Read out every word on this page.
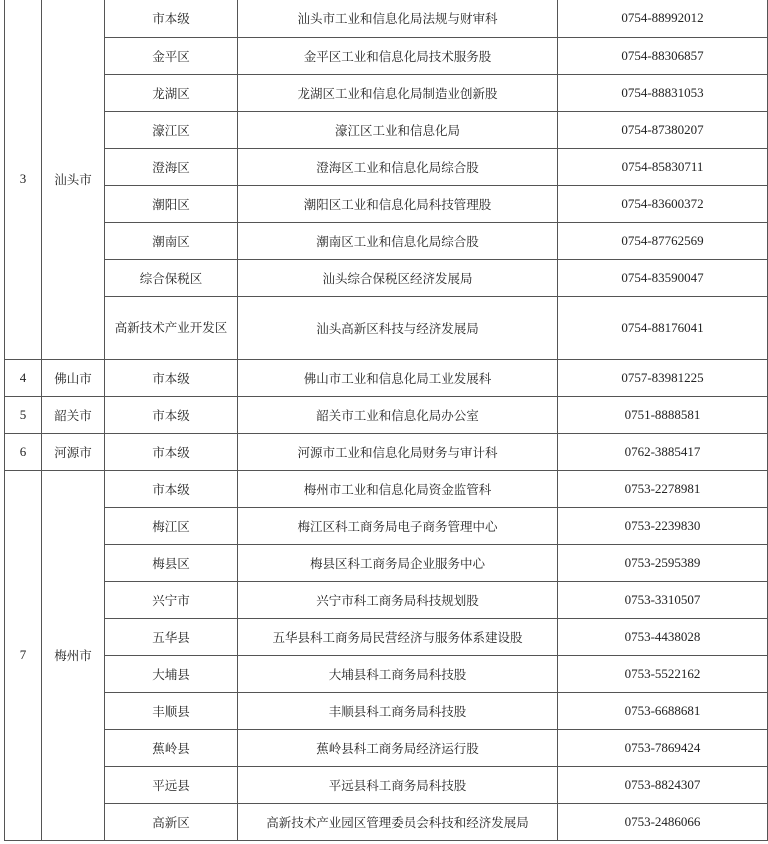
3	汕头市	市本级	汕头市工业和信息化局法规与财审科	0754-88992012
		金平区	金平区工业和信息化局技术服务股	0754-88306857
		龙湖区	龙湖区工业和信息化局制造业创新股	0754-88831053
		濠江区	濠江区工业和信息化局	0754-87380207
		澄海区	澄海区工业和信息化局综合股	0754-85830711
		潮阳区	潮阳区工业和信息化局科技管理股	0754-83600372
		潮南区	潮南区工业和信息化局综合股	0754-87762569
		综合保税区	汕头综合保税区经济发展局	0754-83590047
		高新技术产业开发区	汕头高新区科技与经济发展局	0754-88176041
4	佛山市	市本级	佛山市工业和信息化局工业发展科	0757-83981225
5	韶关市	市本级	韶关市工业和信息化局办公室	0751-8888581
6	河源市	市本级	河源市工业和信息化局财务与审计科	0762-3885417
7	梅州市	市本级	梅州市工业和信息化局资金监管科	0753-2278981
		梅江区	梅江区科工商务局电子商务管理中心	0753-2239830
		梅县区	梅县区科工商务局企业服务中心	0753-2595389
		兴宁市	兴宁市科工商务局科技规划股	0753-3310507
		五华县	五华县科工商务局民营经济与服务体系建设股	0753-4438028
		大埔县	大埔县科工商务局科技股	0753-5522162
		丰顺县	丰顺县科工商务局科技股	0753-6688681
		蕉岭县	蕉岭县科工商务局经济运行股	0753-7869424
		平远县	平远县科工商务局科技股	0753-8824307
		高新区	高新技术产业园区管理委员会科技和经济发展局	0753-2486066
